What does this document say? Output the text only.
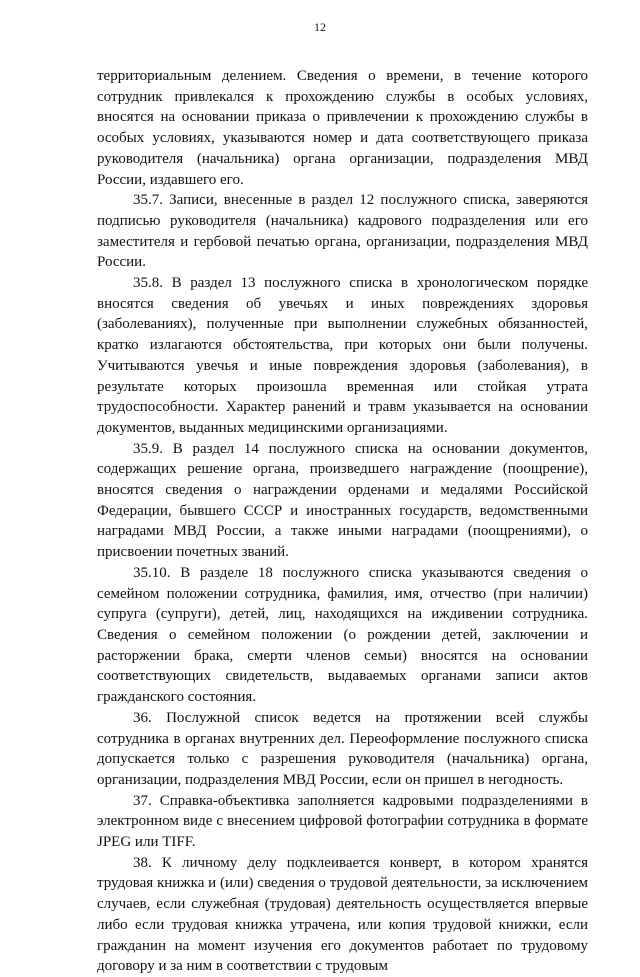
12

территориальным делением. Сведения о времени, в течение которого сотрудник привлекался к прохождению службы в особых условиях, вносятся на основании приказа о привлечении к прохождению службы в особых условиях, указываются номер и дата соответствующего приказа руководителя (начальника) органа организации, подразделения МВД России, издавшего его.

35.7. Записи, внесенные в раздел 12 послужного списка, заверяются подписью руководителя (начальника) кадрового подразделения или его заместителя и гербовой печатью органа, организации, подразделения МВД России.

35.8. В раздел 13 послужного списка в хронологическом порядке вносятся сведения об увечьях и иных повреждениях здоровья (заболеваниях), полученные при выполнении служебных обязанностей, кратко излагаются обстоятельства, при которых они были получены. Учитываются увечья и иные повреждения здоровья (заболевания), в результате которых произошла временная или стойкая утрата трудоспособности. Характер ранений и травм указывается на основании документов, выданных медицинскими организациями.

35.9. В раздел 14 послужного списка на основании документов, содержащих решение органа, произведшего награждение (поощрение), вносятся сведения о награждении орденами и медалями Российской Федерации, бывшего СССР и иностранных государств, ведомственными наградами МВД России, а также иными наградами (поощрениями), о присвоении почетных званий.

35.10. В разделе 18 послужного списка указываются сведения о семейном положении сотрудника, фамилия, имя, отчество (при наличии) супруга (супруги), детей, лиц, находящихся на иждивении сотрудника. Сведения о семейном положении (о рождении детей, заключении и расторжении брака, смерти членов семьи) вносятся на основании соответствующих свидетельств, выдаваемых органами записи актов гражданского состояния.

36. Послужной список ведется на протяжении всей службы сотрудника в органах внутренних дел. Переоформление послужного списка допускается только с разрешения руководителя (начальника) органа, организации, подразделения МВД России, если он пришел в негодность.

37. Справка-объективка заполняется кадровыми подразделениями в электронном виде с внесением цифровой фотографии сотрудника в формате JPEG или TIFF.

38. К личному делу подклеивается конверт, в котором хранятся трудовая книжка и (или) сведения о трудовой деятельности, за исключением случаев, если служебная (трудовая) деятельность осуществляется впервые либо если трудовая книжка утрачена, или копия трудовой книжки, если гражданин на момент изучения его документов работает по трудовому договору и за ним в соответствии с трудовым
